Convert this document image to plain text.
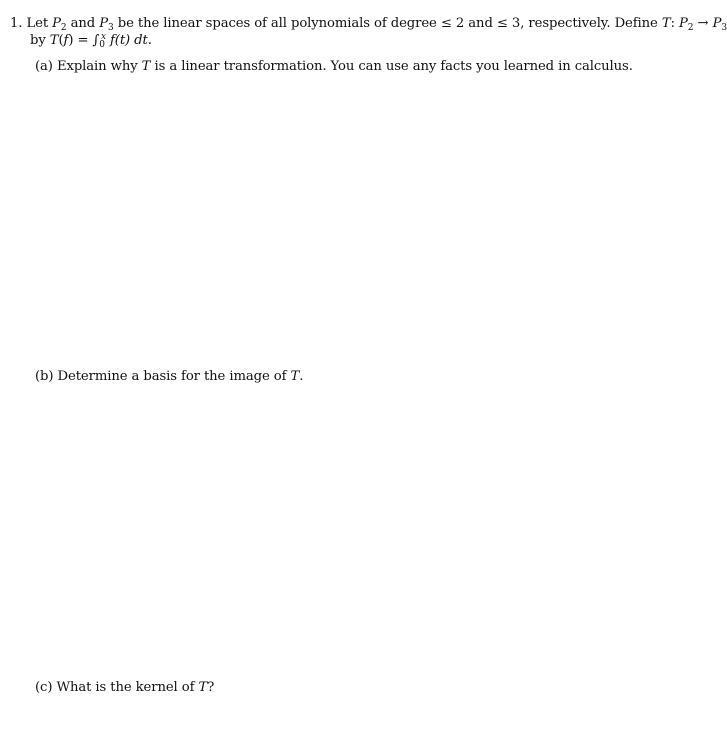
1. Let $P_2$ and $P_3$ be the linear spaces of all polynomials of degree ≤ 2 and ≤ 3, respectively. Define T: $P_2 \to P_3$
by $T(f) = \int_0^x$ f(t) dt.
(a) Explain why T is a linear transformation. You can use any facts you learned in calculus.
(b) Determine a basis for the image of T.
(c) What is the kernel of T?
